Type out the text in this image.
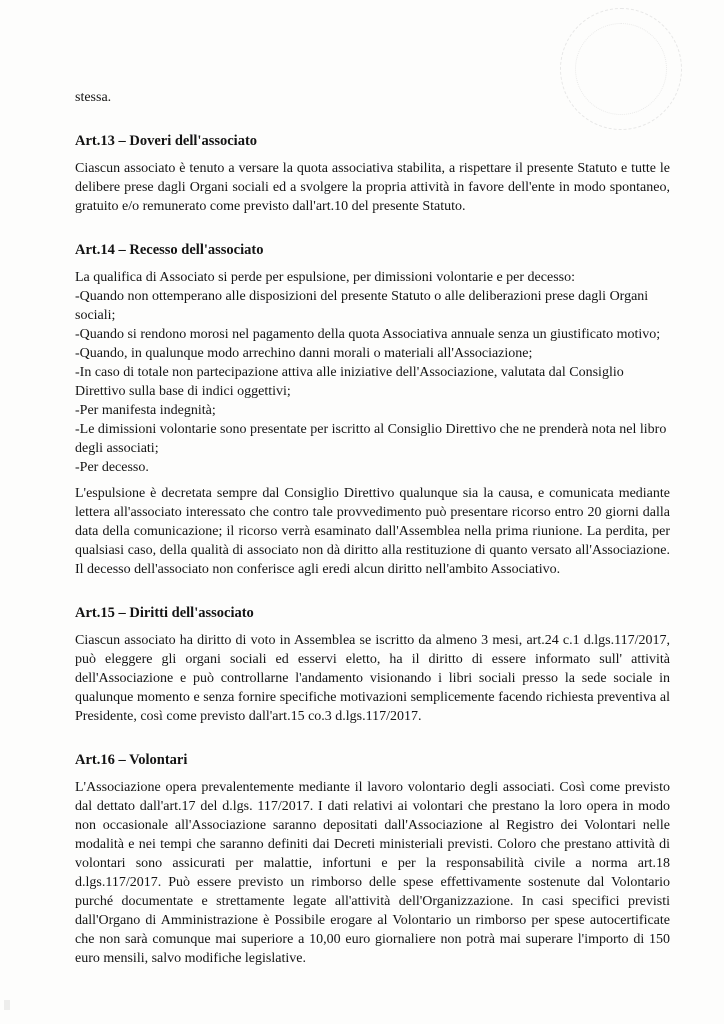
stessa.

Art.13 – Doveri dell'associato

Ciascun associato è tenuto a versare la quota associativa stabilita, a rispettare il presente Statuto e tutte le delibere prese dagli Organi sociali ed a svolgere la propria attività in favore dell'ente in modo spontaneo, gratuito e/o remunerato come previsto dall'art.10 del presente Statuto.

Art.14 – Recesso dell'associato

La qualifica di Associato si perde per espulsione, per dimissioni volontarie e per decesso:

-Quando non ottemperano alle disposizioni del presente Statuto o alle deliberazioni prese dagli Organi sociali;
-Quando si rendono morosi nel pagamento della quota Associativa annuale senza un giustificato motivo;
-Quando, in qualunque modo arrechino danni morali o materiali all'Associazione;
-In caso di totale non partecipazione attiva alle iniziative dell'Associazione, valutata dal Consiglio Direttivo sulla base di indici oggettivi;
-Per manifesta indegnità;
-Le dimissioni volontarie sono presentate per iscritto al Consiglio Direttivo che ne prenderà nota nel libro degli associati;
-Per decesso.

L'espulsione è decretata sempre dal Consiglio Direttivo qualunque sia la causa, e comunicata mediante lettera all'associato interessato che contro tale provvedimento può presentare ricorso entro 20 giorni dalla data della comunicazione; il ricorso verrà esaminato dall'Assemblea nella prima riunione. La perdita, per qualsiasi caso, della qualità di associato non dà diritto alla restituzione di quanto versato all'Associazione. Il decesso dell'associato non conferisce agli eredi alcun diritto nell'ambito Associativo.

Art.15 – Diritti dell'associato

Ciascun associato ha diritto di voto in Assemblea se iscritto da almeno 3 mesi, art.24 c.1 d.lgs.117/2017, può eleggere gli organi sociali ed esservi eletto, ha il diritto di essere informato sull' attività dell'Associazione e può controllarne l'andamento visionando i libri sociali presso la sede sociale in qualunque momento e senza fornire specifiche motivazioni semplicemente facendo richiesta preventiva al Presidente, così come previsto dall'art.15 co.3 d.lgs.117/2017.

Art.16 – Volontari

L'Associazione opera prevalentemente mediante il lavoro volontario degli associati. Così come previsto dal dettato dall'art.17 del d.lgs. 117/2017. I dati relativi ai volontari che prestano la loro opera in modo non occasionale all'Associazione saranno depositati dall'Associazione al Registro dei Volontari nelle modalità e nei tempi che saranno definiti dai Decreti ministeriali previsti. Coloro che prestano attività di volontari sono assicurati per malattie, infortuni e per la responsabilità civile a norma art.18 d.lgs.117/2017. Può essere previsto un rimborso delle spese effettivamente sostenute dal Volontario purché documentate e strettamente legate all'attività dell'Organizzazione. In casi specifici previsti dall'Organo di Amministrazione è Possibile erogare al Volontario un rimborso per spese autocertificate che non sarà comunque mai superiore a 10,00 euro giornaliere non potrà mai superare l'importo di 150 euro mensili, salvo modifiche legislative.
